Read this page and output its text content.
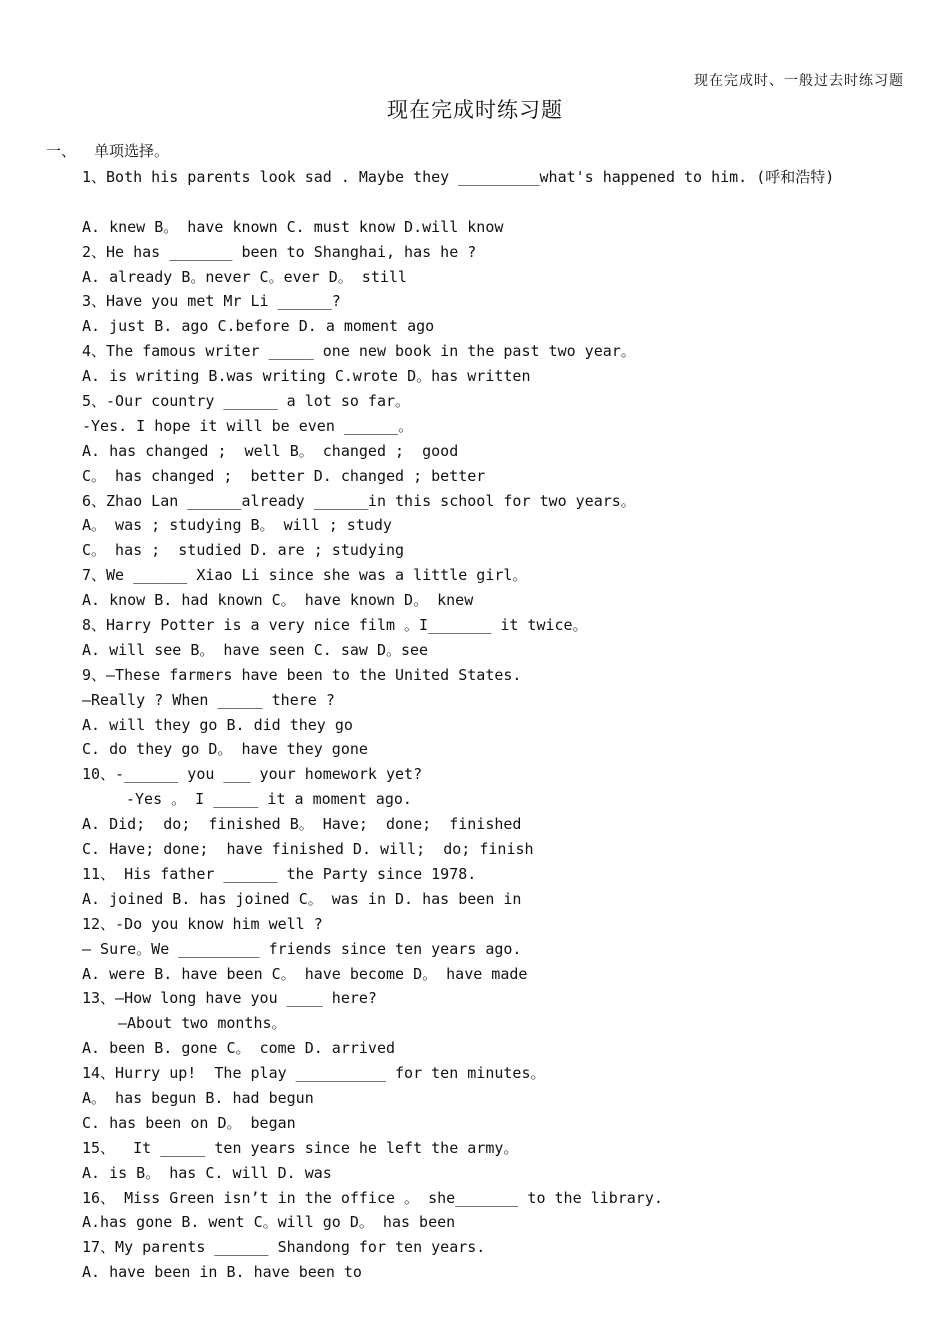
现在完成时、一般过去时练习题
现在完成时练习题
一、  单项选择。
1、Both his parents look sad . Maybe they _________what's happened to him. (呼和浩特)
A. knew B。 have known C. must know D.will know
2、He has _______ been to Shanghai, has he ?
A. already B。never C。ever D。 still
3、Have you met Mr Li ______?
A. just B. ago C.before D. a moment ago
4、The famous writer _____ one new book in the past two year。
A. is writing B.was writing C.wrote D。has written
5、-Our country ______ a lot so far。
-Yes. I hope it will be even ______。
A. has changed ;  well B。 changed ;  good
C。 has changed ;  better D. changed ; better
6、Zhao Lan ______already ______in this school for two years。
A。 was ; studying B。 will ; study
C。 has ;  studied D. are ; studying
7、We ______ Xiao Li since she was a little girl。
A. know B. had known C。 have known D。 knew
8、Harry Potter is a very nice film 。I_______ it twice。
A. will see B。 have seen C. saw D。see
9、—These farmers have been to the United States.
—Really ? When _____ there ?
A. will they go B. did they go
C. do they go D。 have they gone
10、-______ you ___ your homework yet?
-Yes 。 I _____ it a moment ago.
A. Did;  do;  finished B。 Have;  done;  finished
C. Have; done;  have finished D. will;  do; finish
11、 His father ______ the Party since 1978.
A. joined B. has joined C。 was in D. has been in
12、-Do you know him well ?
— Sure。We _________ friends since ten years ago.
A. were B. have been C。 have become D。 have made
13、—How long have you ____ here?
—About two months。
A. been B. gone C。 come D. arrived
14、Hurry up!  The play __________ for ten minutes。
A。 has begun B. had begun
C. has been on D。 began
15、  It _____ ten years since he left the army。
A. is B。 has C. will D. was
16、 Miss Green isn’t in the office 。 she_______ to the library.
A.has gone B. went C。will go D。 has been
17、My parents ______ Shandong for ten years.
A. have been in B. have been to
